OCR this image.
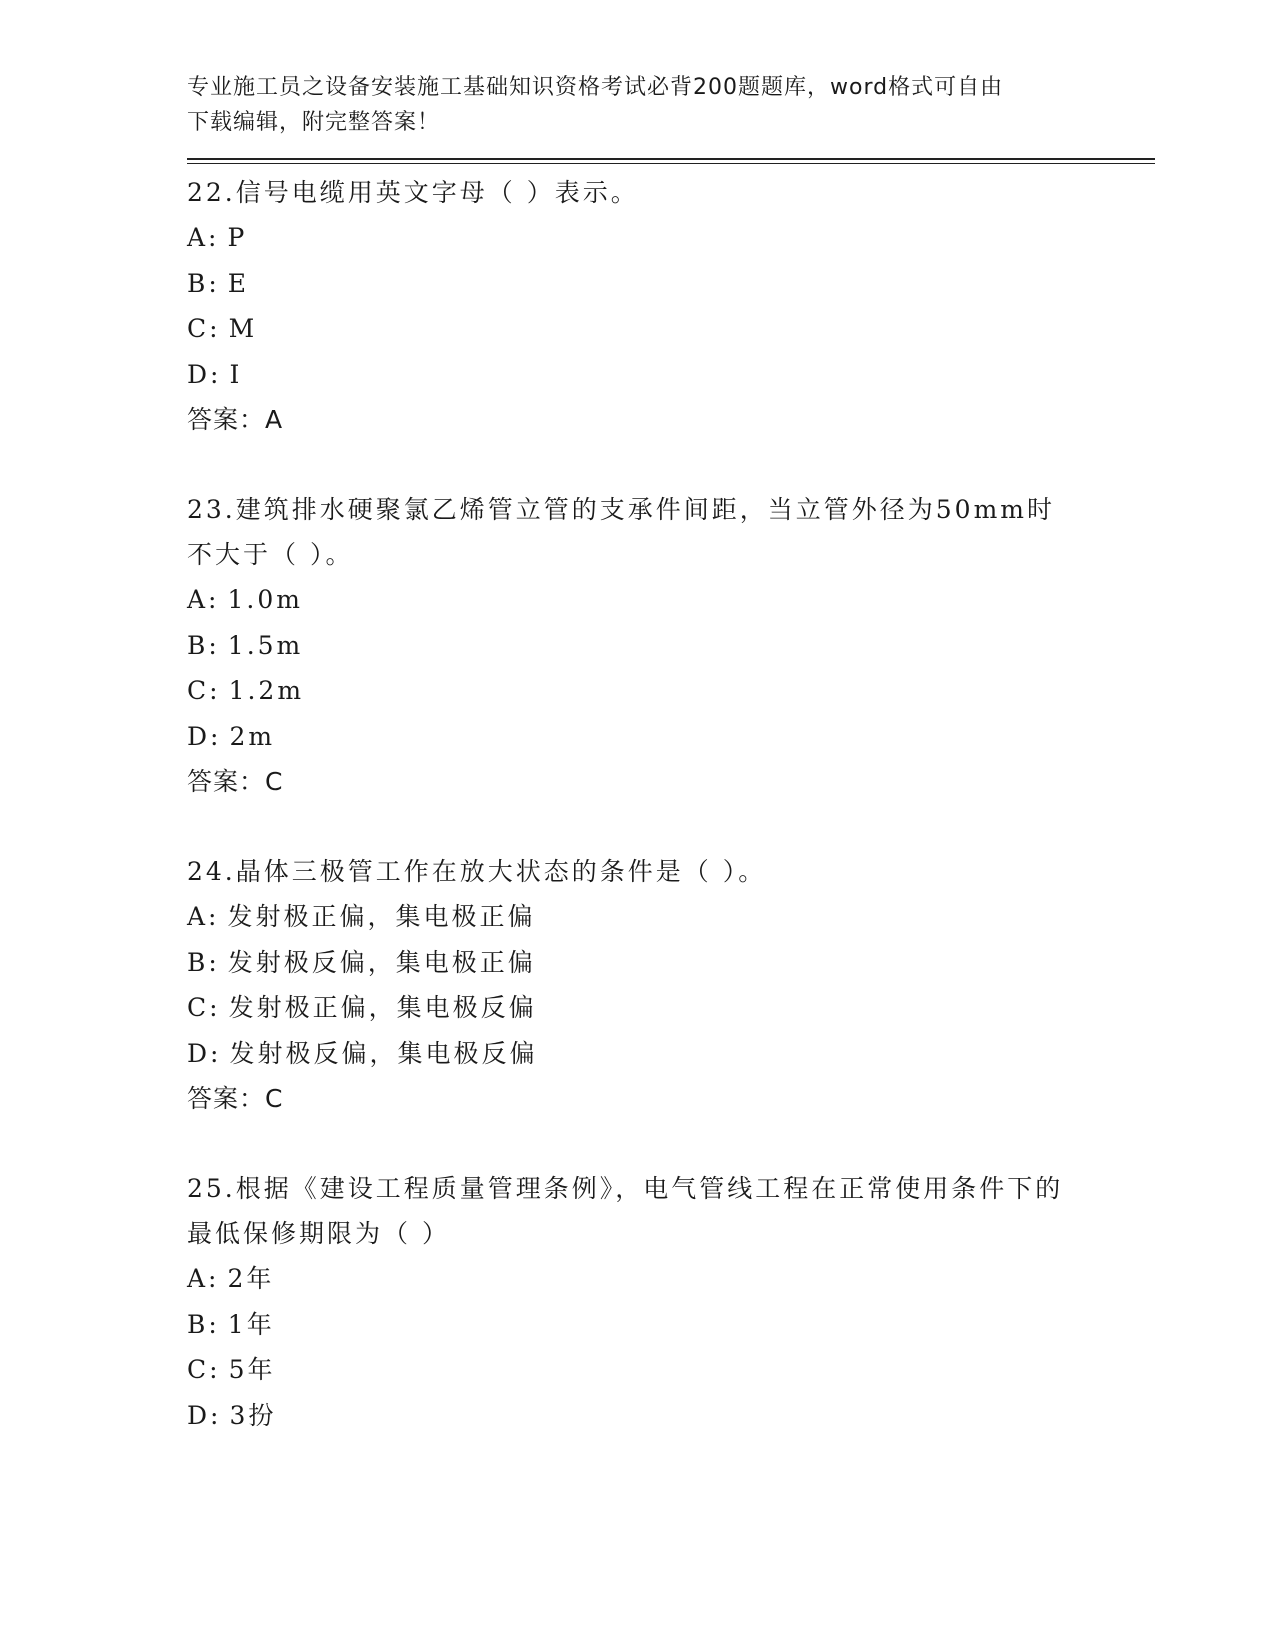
专业施工员之设备安装施工基础知识资格考试必背200题题库，word格式可自由
下载编辑，附完整答案！
22.信号电缆用英文字母（ ）表示。
A: P
B: E
C: M
D: I
答案：A
23.建筑排水硬聚氯乙烯管立管的支承件间距，当立管外径为50mm时不大于（ ）。
A: 1.0m
B: 1.5m
C: 1.2m
D: 2m
答案：C
24.晶体三极管工作在放大状态的条件是（ ）。
A: 发射极正偏，集电极正偏
B: 发射极反偏，集电极正偏
C: 发射极正偏，集电极反偏
D: 发射极反偏，集电极反偏
答案：C
25.根据《建设工程质量管理条例》，电气管线工程在正常使用条件下的最低保修期限为（ ）
A: 2年
B: 1年
C: 5年
D: 3扮
